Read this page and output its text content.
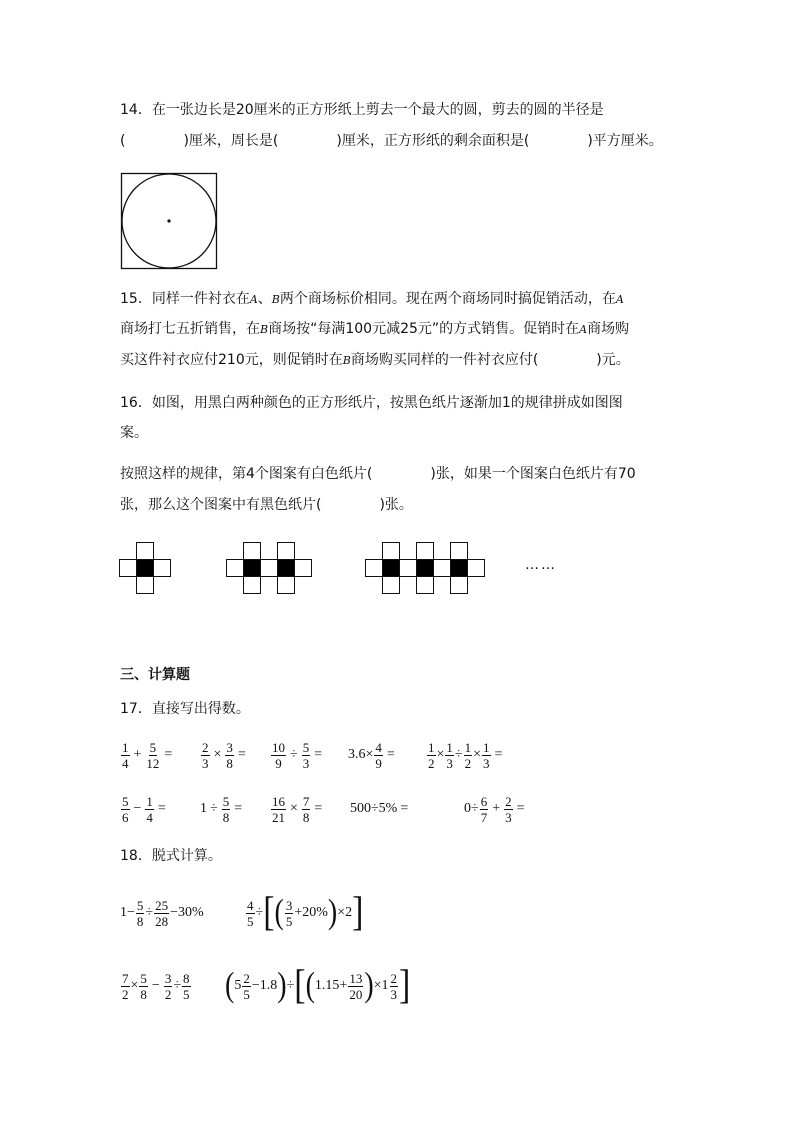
14．在一张边长是20厘米的正方形纸上剪去一个最大的圆，剪去的圆的半径是
(	)厘米，周长是(	)厘米，正方形纸的剩余面积是(	)平方厘米。
15．同样一件衬衣在A、B两个商场标价相同。现在两个商场同时搞促销活动，在A
商场打七五折销售，在B商场按“每满100元减25元”的方式销售。促销时在A商场购
买这件衬衣应付210元，则促销时在B商场购买同样的一件衬衣应付(	)元。
16．如图，用黑白两种颜色的正方形纸片，按黑色纸片逐渐加1的规律拼成如图图
案。
按照这样的规律，第4个图案有白色纸片(	)张，如果一个图案白色纸片有70
张，那么这个图案中有黑色纸片(	)张。
……
三、计算题
17．直接写出得数。
$\frac{1}{4} + \frac{5}{12} = \frac{2}{3} \times \frac{3}{8} = \frac{10}{9} \div \frac{5}{3} = 3.6 \times \frac{4}{9} = \frac{1}{2} \times \frac{1}{3} \div \frac{1}{2} \times \frac{1}{3}$ =
$\frac{5}{6} - \frac{1}{4} = 1 \div \frac{5}{8} = \frac{16}{21} \times \frac{7}{8} = 500\div 5\%$ =	$0 \div \frac{6}{7} + \frac{2}{3}$ =
18．脱式计算。
$1- \frac{5}{8} \div \frac{25}{28} -30\%$	$\frac{4}{5}$ ÷ [ ( $\frac{3}{5} +20\%$ ) ×2 ]
$\frac{7}{2} \times \frac{5}{8} - \frac{3}{2} \div \frac{8}{5}$ ( $5 \frac{2}{5} -1.8$ ) ÷ [ ( $1.15+ \frac{13}{20}$ ) × $1 \frac{2}{3}$ ]
